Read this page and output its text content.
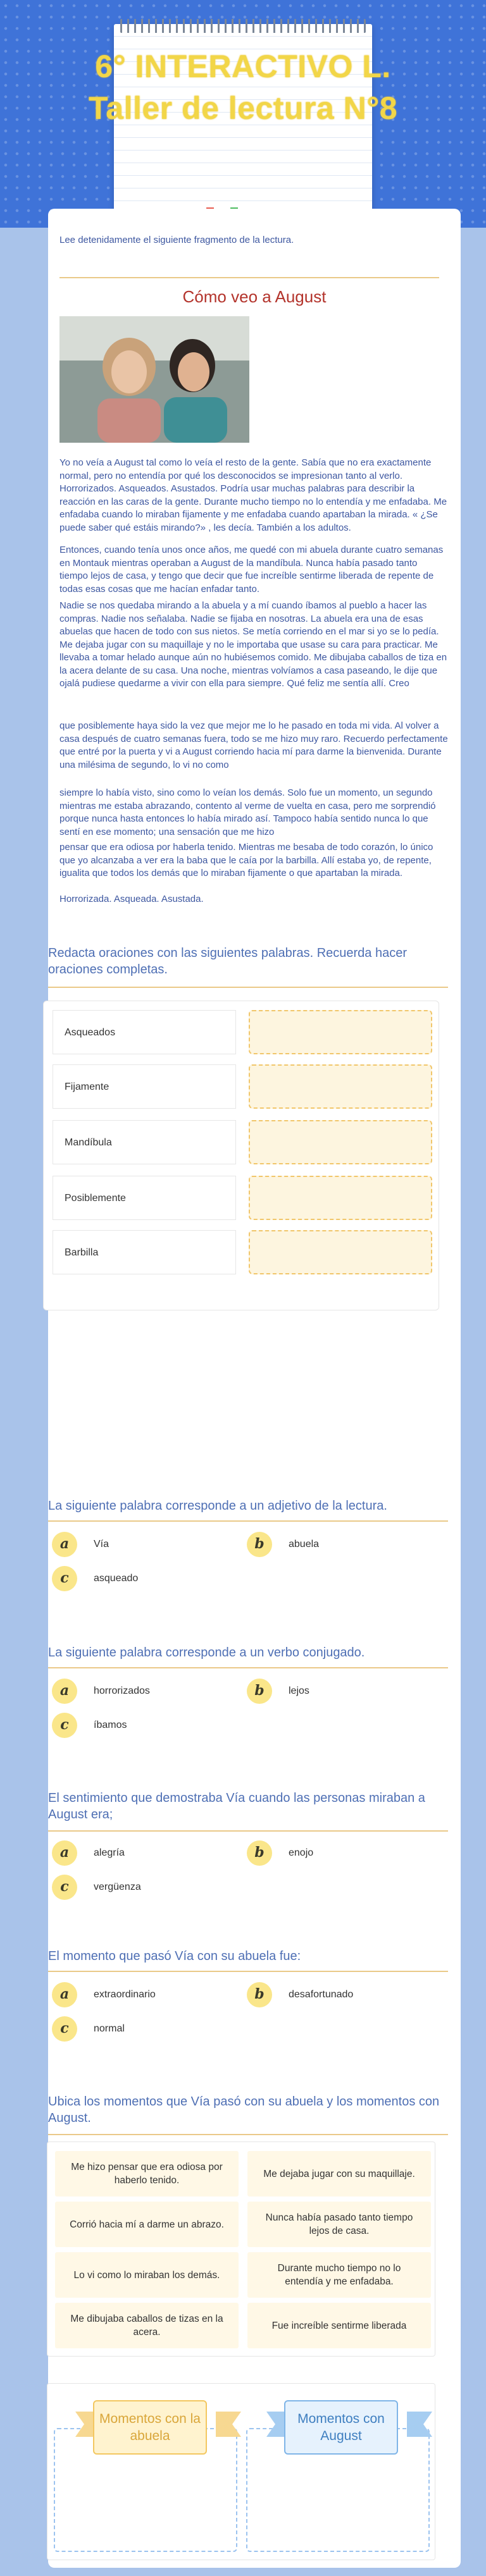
6° INTERACTIVO L. Taller de lectura N°8
Lee detenidamente el siguiente fragmento de la lectura.
Cómo veo a August
Yo no veía a August tal como lo veía el resto de la gente. Sabía que no era exactamente normal, pero no entendía por qué los desconocidos se impresionan tanto al verlo. Horrorizados. Asqueados. Asustados. Podría usar muchas palabras para describir la reacción en las caras de la gente. Durante mucho tiempo no lo entendía y me enfadaba. Me enfadaba cuando lo miraban fijamente y me enfadaba cuando apartaban la mirada. « ¿Se puede saber qué estáis mirando?» , les decía. También a los adultos.
Entonces, cuando tenía unos once años, me quedé con mi abuela durante cuatro semanas en Montauk mientras operaban a August de la mandíbula. Nunca había pasado tanto tiempo lejos de casa, y tengo que decir que fue increíble sentirme liberada de repente de todas esas cosas que me hacían enfadar tanto.
Nadie se nos quedaba mirando a la abuela y a mí cuando íbamos al pueblo a hacer las compras. Nadie nos señalaba. Nadie se fijaba en nosotras. La abuela era una de esas abuelas que hacen de todo con sus nietos. Se metía corriendo en el mar si yo se lo pedía. Me dejaba jugar con su maquillaje y no le importaba que usase su cara para practicar. Me llevaba a tomar helado aunque aún no hubiésemos comido. Me dibujaba caballos de tiza en la acera delante de su casa. Una noche, mientras volvíamos a casa paseando, le dije que ojalá pudiese quedarme a vivir con ella para siempre. Qué feliz me sentía allí. Creo
que posiblemente haya sido la vez que mejor me lo he pasado en toda mi vida. Al volver a casa después de cuatro semanas fuera, todo se me hizo muy raro. Recuerdo perfectamente que entré por la puerta y vi a August corriendo hacia mí para darme la bienvenida. Durante una milésima de segundo, lo vi no como
siempre lo había visto, sino como lo veían los demás. Solo fue un momento, un segundo mientras me estaba abrazando, contento al verme de vuelta en casa, pero me sorprendió porque nunca hasta entonces lo había mirado así. Tampoco había sentido nunca lo que sentí en ese momento; una sensación que me hizo
pensar que era odiosa por haberla tenido. Mientras me besaba de todo corazón, lo único que yo alcanzaba a ver era la baba que le caía por la barbilla. Allí estaba yo, de repente, igualita que todos los demás que lo miraban fijamente o que apartaban la mirada.
Horrorizada. Asqueada. Asustada.
Redacta oraciones con las siguientes palabras. Recuerda hacer oraciones completas.
Asqueados
Fijamente
Mandíbula
Posiblemente
Barbilla
La siguiente palabra corresponde a un adjetivo de la lectura.
a	Vía	b	abuela
c	asqueado
La siguiente palabra corresponde a un verbo conjugado.
a	horrorizados	b	lejos
c	íbamos
El sentimiento que demostraba Vía cuando las personas miraban a August era;
a	alegría	b	enojo
c	vergüenza
El momento que pasó Vía con su abuela fue:
a	extraordinario	b	desafortunado
c	normal
Ubica los momentos que Vía pasó con su abuela y los momentos con August.
Me hizo pensar que era odiosa por haberlo tenido.
Me dejaba jugar con su maquillaje.
Corrió hacia mí a darme un abrazo.
Nunca había pasado tanto tiempo lejos de casa.
Lo vi como lo miraban los demás.
Durante mucho tiempo no lo entendía y me enfadaba.
Me dibujaba caballos de tizas en la acera.
Fue increíble sentirme liberada
Momentos con la abuela
Momentos con August
